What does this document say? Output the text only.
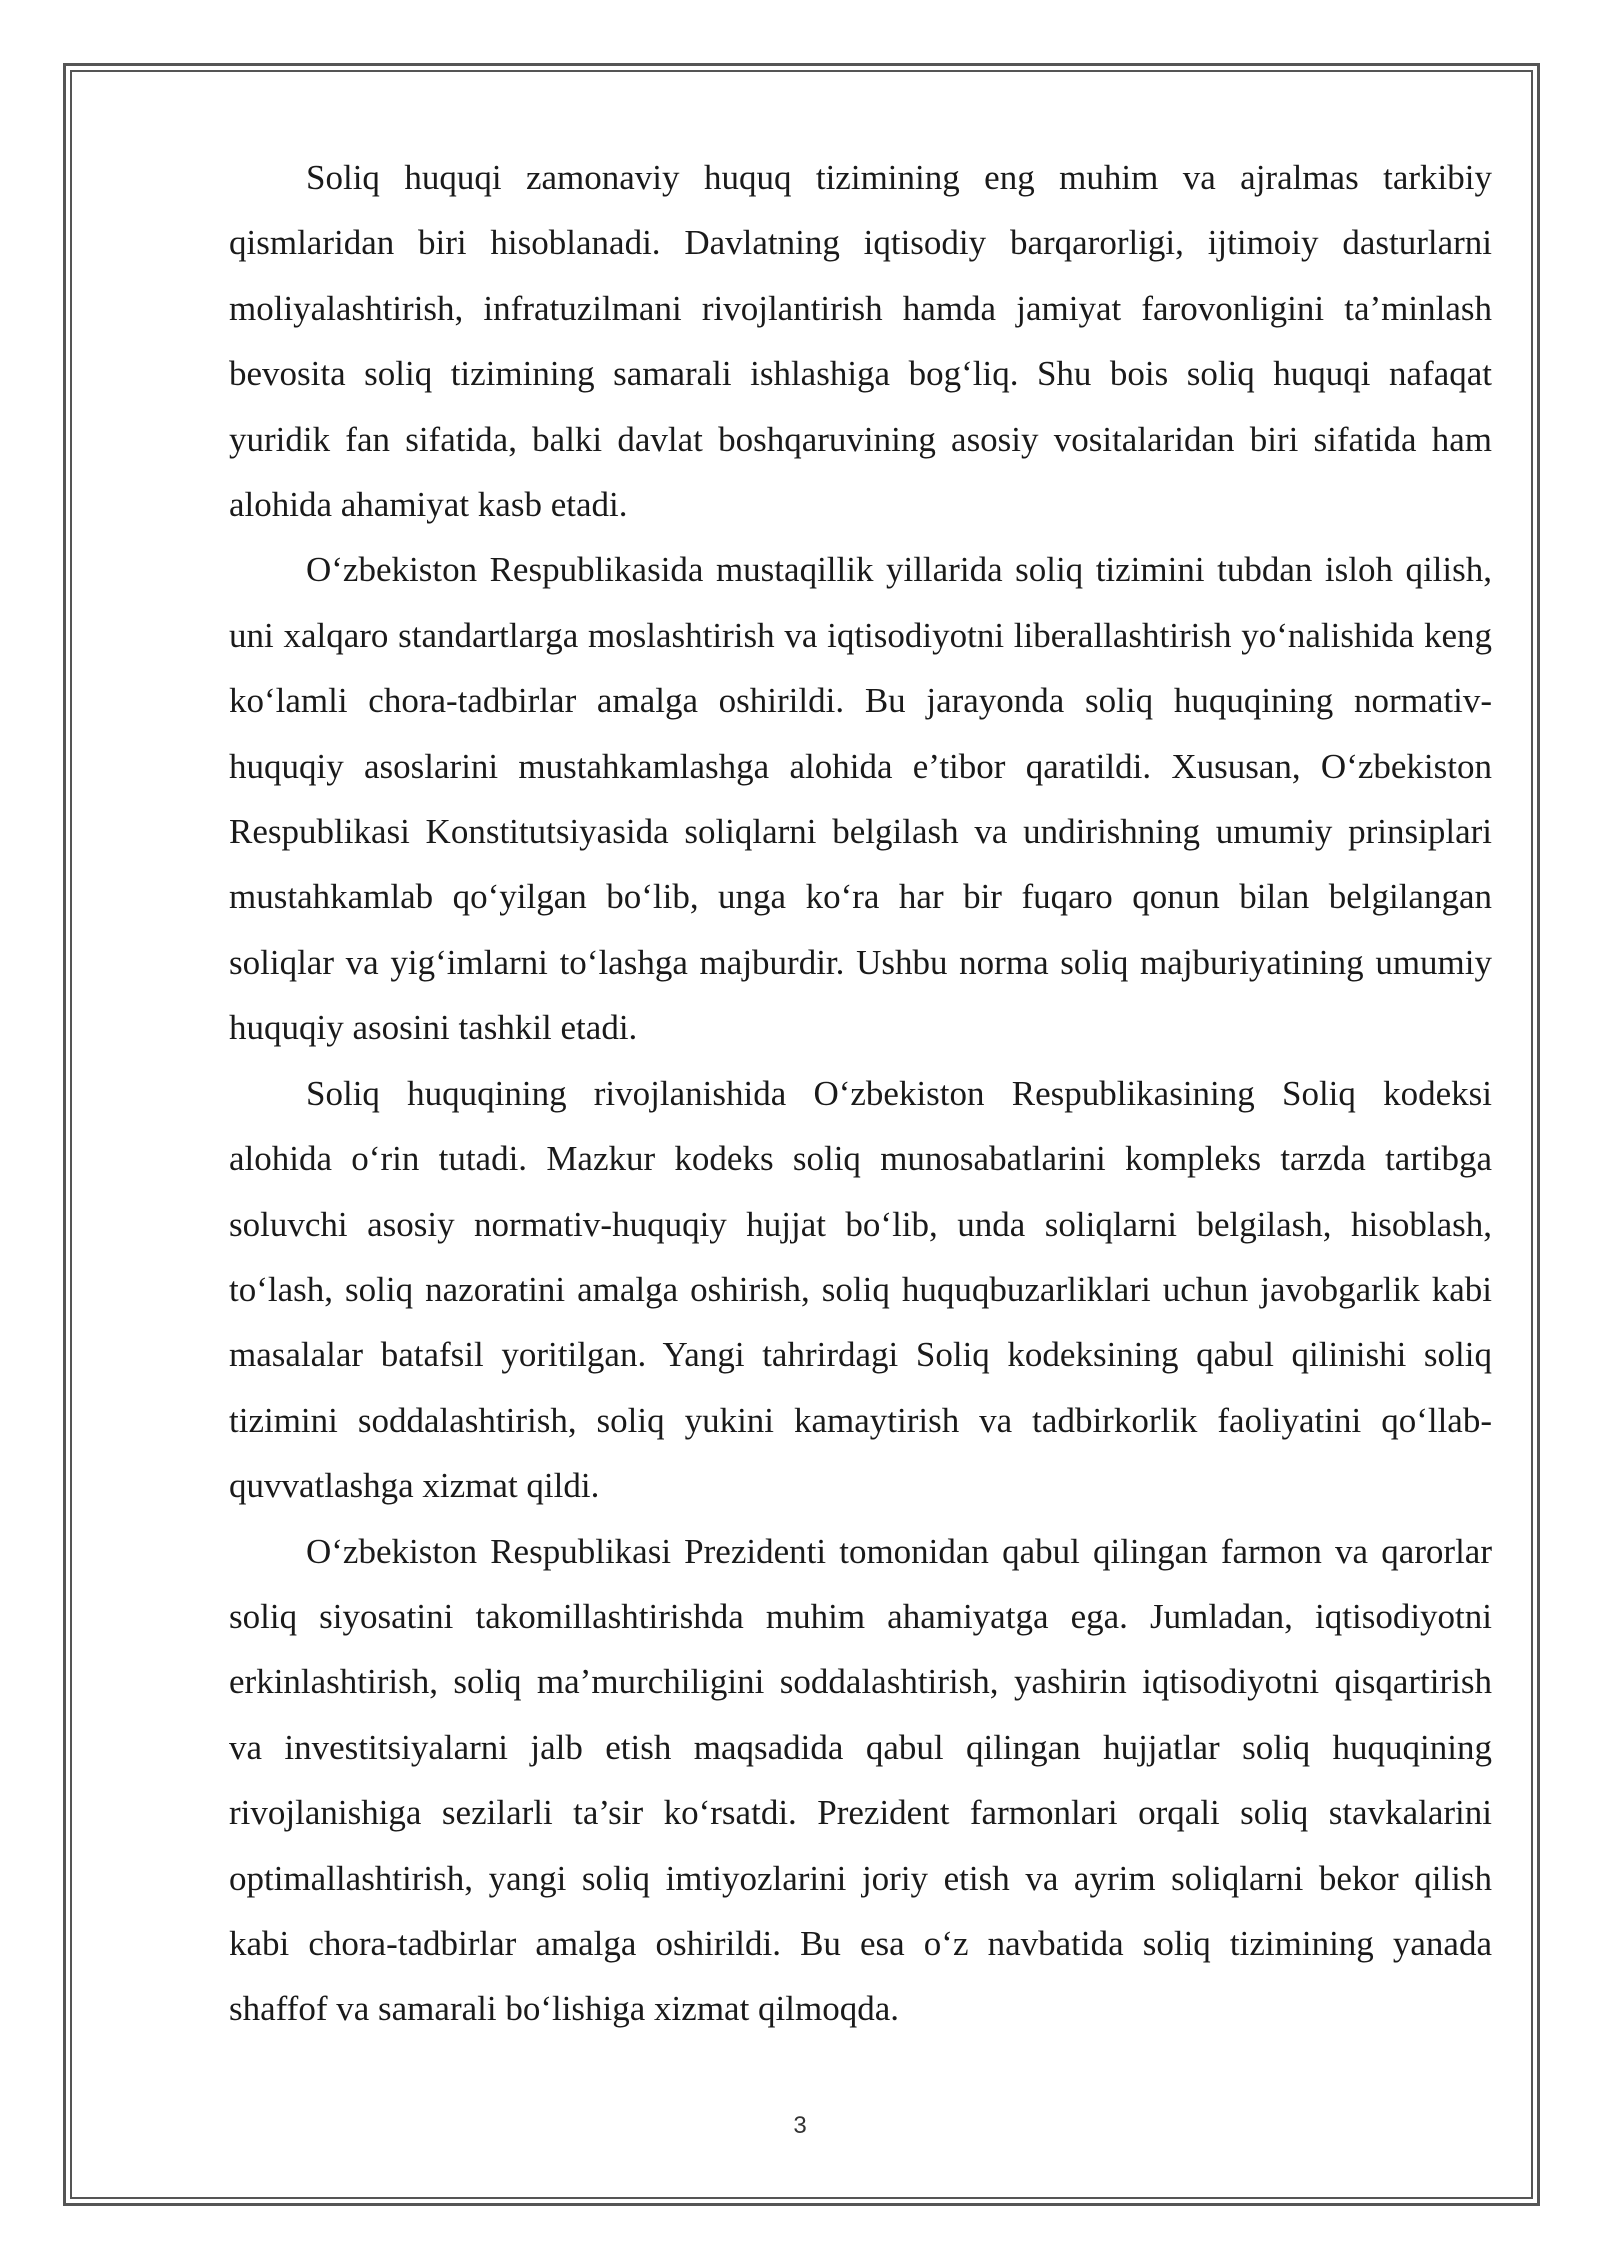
Soliq huquqi zamonaviy huquq tizimining eng muhim va ajralmas tarkibiy qismlaridan biri hisoblanadi. Davlatning iqtisodiy barqarorligi, ijtimoiy dasturlarni moliyalashtirish, infratuzilmani rivojlantirish hamda jamiyat farovonligini ta’minlash bevosita soliq tizimining samarali ishlashiga bog‘liq. Shu bois soliq huquqi nafaqat yuridik fan sifatida, balki davlat boshqaruvining asosiy vositalaridan biri sifatida ham alohida ahamiyat kasb etadi.

O‘zbekiston Respublikasida mustaqillik yillarida soliq tizimini tubdan isloh qilish, uni xalqaro standartlarga moslashtirish va iqtisodiyotni liberallashtirish yo‘nalishida keng ko‘lamli chora-tadbirlar amalga oshirildi. Bu jarayonda soliq huquqining normativ-huquqiy asoslarini mustahkamlashga alohida e’tibor qaratildi. Xususan, O‘zbekiston Respublikasi Konstitutsiyasida soliqlarni belgilash va undirishning umumiy prinsiplari mustahkamlab qo‘yilgan bo‘lib, unga ko‘ra har bir fuqaro qonun bilan belgilangan soliqlar va yig‘imlarni to‘lashga majburdir. Ushbu norma soliq majburiyatining umumiy huquqiy asosini tashkil etadi.

Soliq huquqining rivojlanishida O‘zbekiston Respublikasining Soliq kodeksi alohida o‘rin tutadi. Mazkur kodeks soliq munosabatlarini kompleks tarzda tartibga soluvchi asosiy normativ-huquqiy hujjat bo‘lib, unda soliqlarni belgilash, hisoblash, to‘lash, soliq nazoratini amalga oshirish, soliq huquqbuzarliklari uchun javobgarlik kabi masalalar batafsil yoritilgan. Yangi tahrirdagi Soliq kodeksining qabul qilinishi soliq tizimini soddalashtirish, soliq yukini kamaytirish va tadbirkorlik faoliyatini qo‘llab-quvvatlashga xizmat qildi.

O‘zbekiston Respublikasi Prezidenti tomonidan qabul qilingan farmon va qarorlar soliq siyosatini takomillashtirishda muhim ahamiyatga ega. Jumladan, iqtisodiyotni erkinlashtirish, soliq ma’murchiligini soddalashtirish, yashirin iqtisodiyotni qisqartirish va investitsiyalarni jalb etish maqsadida qabul qilingan hujjatlar soliq huquqining rivojlanishiga sezilarli ta’sir ko‘rsatdi. Prezident farmonlari orqali soliq stavkalarini optimallashtirish, yangi soliq imtiyozlarini joriy etish va ayrim soliqlarni bekor qilish kabi chora-tadbirlar amalga oshirildi. Bu esa o‘z navbatida soliq tizimining yanada shaffof va samarali bo‘lishiga xizmat qilmoqda.

3
